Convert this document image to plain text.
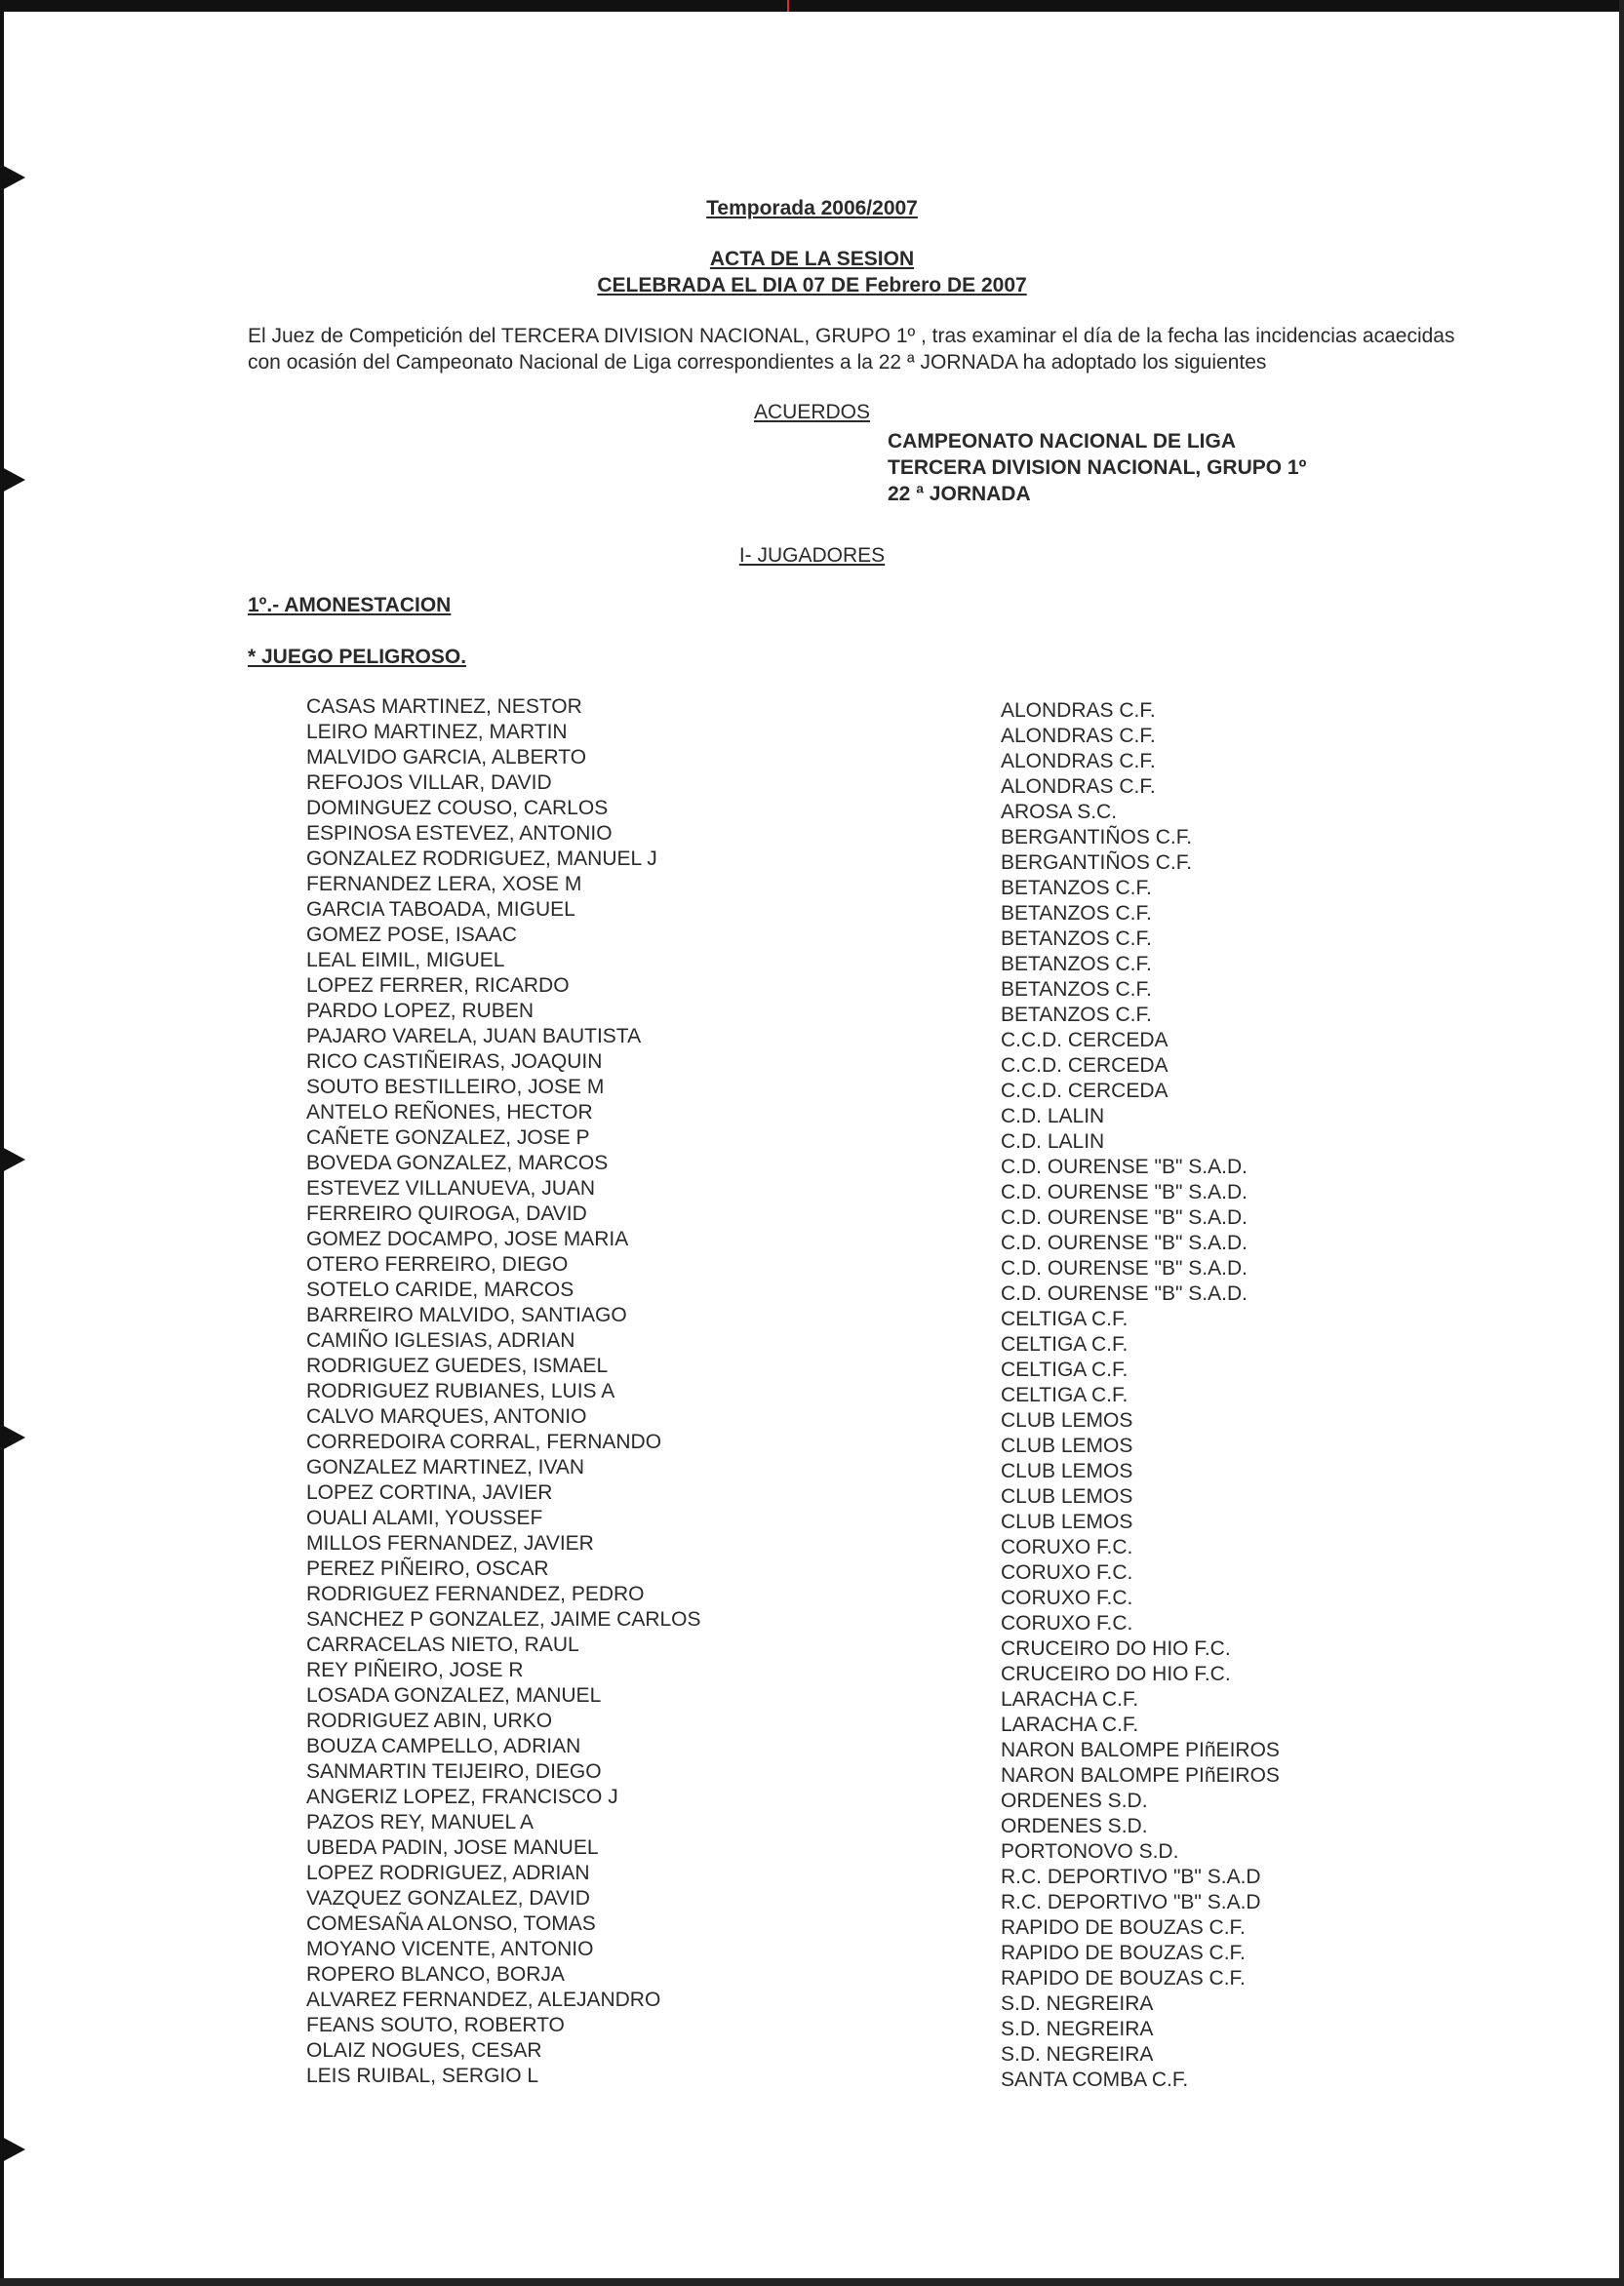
Temporada 2006/2007
ACTA DE LA SESION
CELEBRADA EL DIA 07 DE Febrero DE 2007
El Juez de Competición del TERCERA DIVISION NACIONAL, GRUPO 1º , tras examinar el día de la fecha las incidencias acaecidas con ocasión del Campeonato Nacional de Liga correspondientes a la 22 ª JORNADA ha adoptado los siguientes
ACUERDOS
CAMPEONATO NACIONAL DE LIGA
TERCERA DIVISION NACIONAL, GRUPO 1º
22 ª JORNADA
I- JUGADORES
1º.- AMONESTACION
* JUEGO PELIGROSO.
CASAS MARTINEZ, NESTOR	ALONDRAS C.F.
LEIRO MARTINEZ, MARTIN	ALONDRAS C.F.
MALVIDO GARCIA, ALBERTO	ALONDRAS C.F.
REFOJOS VILLAR, DAVID	ALONDRAS C.F.
DOMINGUEZ COUSO, CARLOS	AROSA S.C.
ESPINOSA ESTEVEZ, ANTONIO	BERGANTIÑOS C.F.
GONZALEZ RODRIGUEZ, MANUEL J	BERGANTIÑOS C.F.
FERNANDEZ LERA, XOSE M	BETANZOS C.F.
GARCIA TABOADA, MIGUEL	BETANZOS C.F.
GOMEZ POSE, ISAAC	BETANZOS C.F.
LEAL EIMIL, MIGUEL	BETANZOS C.F.
LOPEZ FERRER, RICARDO	BETANZOS C.F.
PARDO LOPEZ, RUBEN	BETANZOS C.F.
PAJARO VARELA, JUAN BAUTISTA	C.C.D. CERCEDA
RICO CASTIÑEIRAS, JOAQUIN	C.C.D. CERCEDA
SOUTO BESTILLEIRO, JOSE M	C.C.D. CERCEDA
ANTELO REÑONES, HECTOR	C.D. LALIN
CAÑETE GONZALEZ, JOSE P	C.D. LALIN
BOVEDA GONZALEZ, MARCOS	C.D. OURENSE "B" S.A.D.
ESTEVEZ VILLANUEVA, JUAN	C.D. OURENSE "B" S.A.D.
FERREIRO QUIROGA, DAVID	C.D. OURENSE "B" S.A.D.
GOMEZ DOCAMPO, JOSE MARIA	C.D. OURENSE "B" S.A.D.
OTERO FERREIRO, DIEGO	C.D. OURENSE "B" S.A.D.
SOTELO CARIDE, MARCOS	C.D. OURENSE "B" S.A.D.
BARREIRO MALVIDO, SANTIAGO	CELTIGA C.F.
CAMIÑO IGLESIAS, ADRIAN	CELTIGA C.F.
RODRIGUEZ GUEDES, ISMAEL	CELTIGA C.F.
RODRIGUEZ RUBIANES, LUIS A	CELTIGA C.F.
CALVO MARQUES, ANTONIO	CLUB LEMOS
CORREDOIRA CORRAL, FERNANDO	CLUB LEMOS
GONZALEZ MARTINEZ, IVAN	CLUB LEMOS
LOPEZ CORTINA, JAVIER	CLUB LEMOS
OUALI ALAMI, YOUSSEF	CLUB LEMOS
MILLOS FERNANDEZ, JAVIER	CORUXO F.C.
PEREZ PIÑEIRO, OSCAR	CORUXO F.C.
RODRIGUEZ FERNANDEZ, PEDRO	CORUXO F.C.
SANCHEZ P GONZALEZ, JAIME CARLOS	CORUXO F.C.
CARRACELAS NIETO, RAUL	CRUCEIRO DO HIO F.C.
REY PIÑEIRO, JOSE R	CRUCEIRO DO HIO F.C.
LOSADA GONZALEZ, MANUEL	LARACHA C.F.
RODRIGUEZ ABIN, URKO	LARACHA C.F.
BOUZA CAMPELLO, ADRIAN	NARON BALOMPE PIñEIROS
SANMARTIN TEIJEIRO, DIEGO	NARON BALOMPE PIñEIROS
ANGERIZ LOPEZ, FRANCISCO J	ORDENES S.D.
PAZOS REY, MANUEL A	ORDENES S.D.
UBEDA PADIN, JOSE MANUEL	PORTONOVO S.D.
LOPEZ RODRIGUEZ, ADRIAN	R.C. DEPORTIVO "B" S.A.D
VAZQUEZ GONZALEZ, DAVID	R.C. DEPORTIVO "B" S.A.D
COMESAÑA ALONSO, TOMAS	RAPIDO DE BOUZAS C.F.
MOYANO VICENTE, ANTONIO	RAPIDO DE BOUZAS C.F.
ROPERO BLANCO, BORJA	RAPIDO DE BOUZAS C.F.
ALVAREZ FERNANDEZ, ALEJANDRO	S.D. NEGREIRA
FEANS SOUTO, ROBERTO	S.D. NEGREIRA
OLAIZ NOGUES, CESAR	S.D. NEGREIRA
LEIS RUIBAL, SERGIO L	SANTA COMBA C.F.
